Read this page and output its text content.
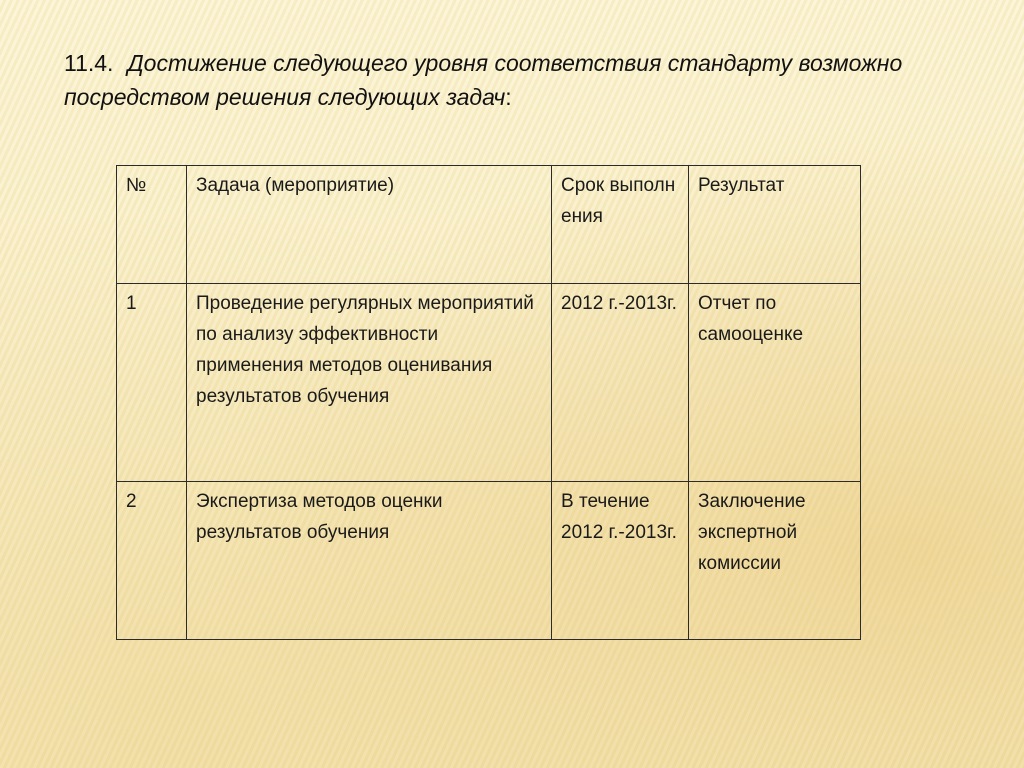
11.4. Достижение следующего уровня соответствия стандарту возможно посредством решения следующих задач:
№	Задача (мероприятие)	Срок выполнения	Результат
1	Проведение регулярных мероприятий по анализу эффективности применения методов оценивания результатов обучения	2012 г.-2013г.	Отчет по самооценке
2	Экспертиза методов оценки результатов обучения	В течение 2012 г.-2013г.	Заключение экспертной комиссии
